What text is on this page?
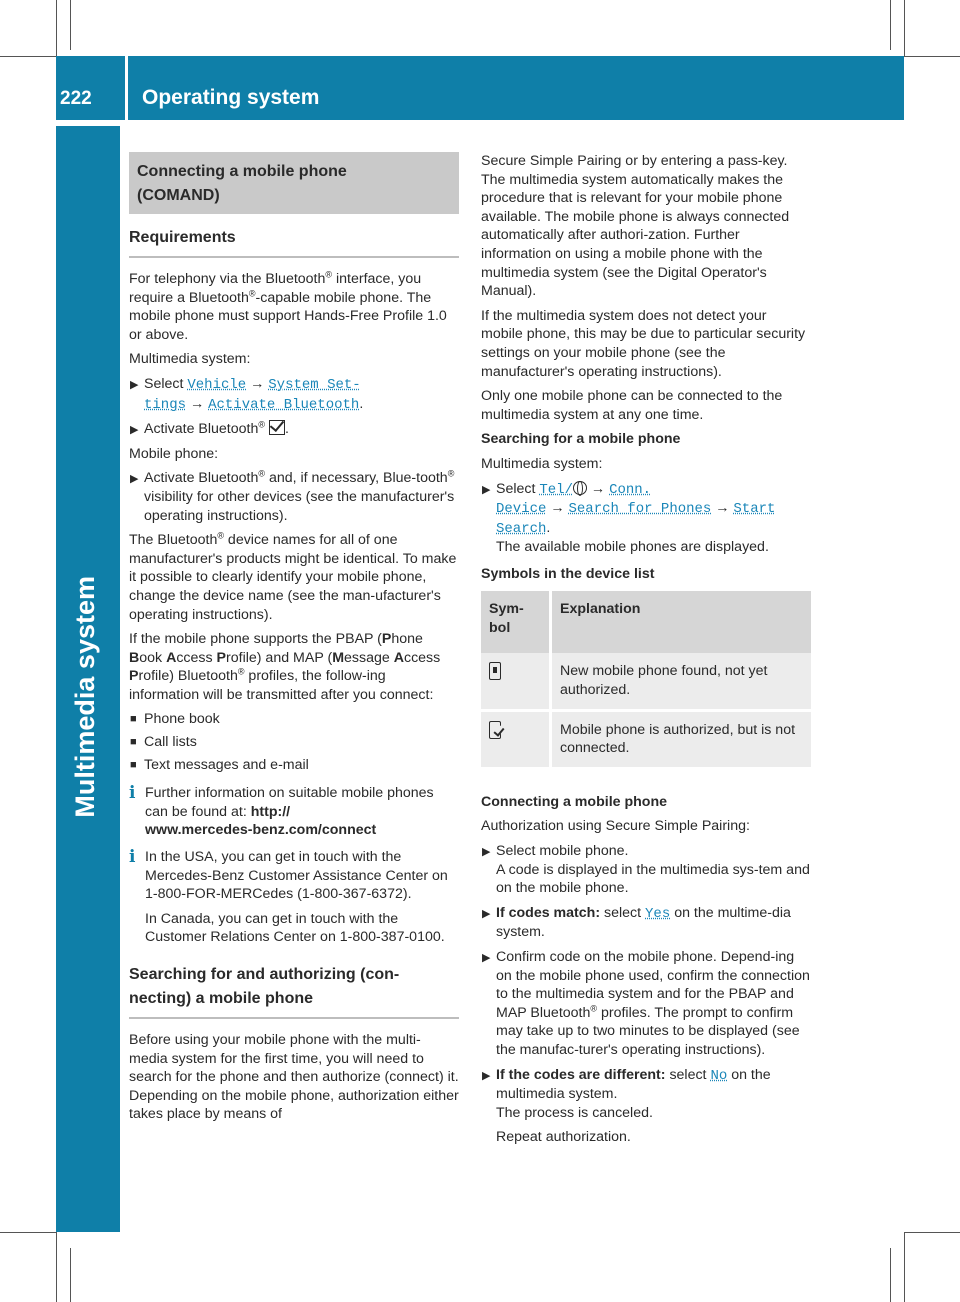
222 Operating system
Multimedia system
Connecting a mobile phone
(COMAND)
Requirements

For telephony via the Bluetooth® interface, you require a Bluetooth®-capable mobile phone. The mobile phone must support Hands-Free Profile 1.0 or above.

Multimedia system:

▶ Select Vehicle → System Set-
tings → Activate Bluetooth.
▶ Activate Bluetooth® .

Mobile phone:

▶ Activate Bluetooth® and, if necessary, Blue-tooth® visibility for other devices (see the manufacturer's operating instructions).

The Bluetooth® device names for all of one manufacturer's products might be identical. To make it possible to clearly identify your mobile phone, change the device name (see the man-ufacturer's operating instructions).

If the mobile phone supports the PBAP (Phone Book Access Profile) and MAP (Message Access Profile) Bluetooth® profiles, the follow-ing information will be transmitted after you connect:

■ Phone book
■ Call lists
■ Text messages and e-mail
i Further information on suitable mobile phones can be found at: http://
www.mercedes-benz.com/connect
i In the USA, you can get in touch with the Mercedes-Benz Customer Assistance Center on 1-800-FOR-MERCedes (1-800-367-6372).

In Canada, you can get in touch with the Customer Relations Center on 1-800-387-0100.

Searching for and authorizing (con-necting) a mobile phone

Before using your mobile phone with the multi-media system for the first time, you will need to search for the phone and then authorize (connect) it. Depending on the mobile phone, authorization either takes place by means of

Secure Simple Pairing or by entering a pass-key. The multimedia system automatically makes the procedure that is relevant for your mobile phone available. The mobile phone is always connected automatically after authori-zation. Further information on using a mobile phone with the multimedia system (see the Digital Operator's Manual).

If the multimedia system does not detect your mobile phone, this may be due to particular security settings on your mobile phone (see the manufacturer's operating instructions).

Only one mobile phone can be connected to the multimedia system at any one time.

Searching for a mobile phone

Multimedia system:

▶ Select Tel/ → Conn.
Device → Search for Phones → Start
Search.
The available mobile phones are displayed.

Symbols in the device list

Sym-
bol	Explanation
	New mobile phone found, not yet authorized.
	Mobile phone is authorized, but is not connected.

Connecting a mobile phone

Authorization using Secure Simple Pairing:

▶ Select mobile phone.
A code is displayed in the multimedia sys-tem and on the mobile phone.
▶ If codes match: select Yes on the multime-dia system.
▶ Confirm code on the mobile phone. Depend-ing on the mobile phone used, confirm the connection to the multimedia system and for the PBAP and MAP Bluetooth® profiles. The prompt to confirm may take up to two minutes to be displayed (see the manufac-turer's operating instructions).
▶ If the codes are different: select No on the multimedia system.
The process is canceled.

Repeat authorization.
